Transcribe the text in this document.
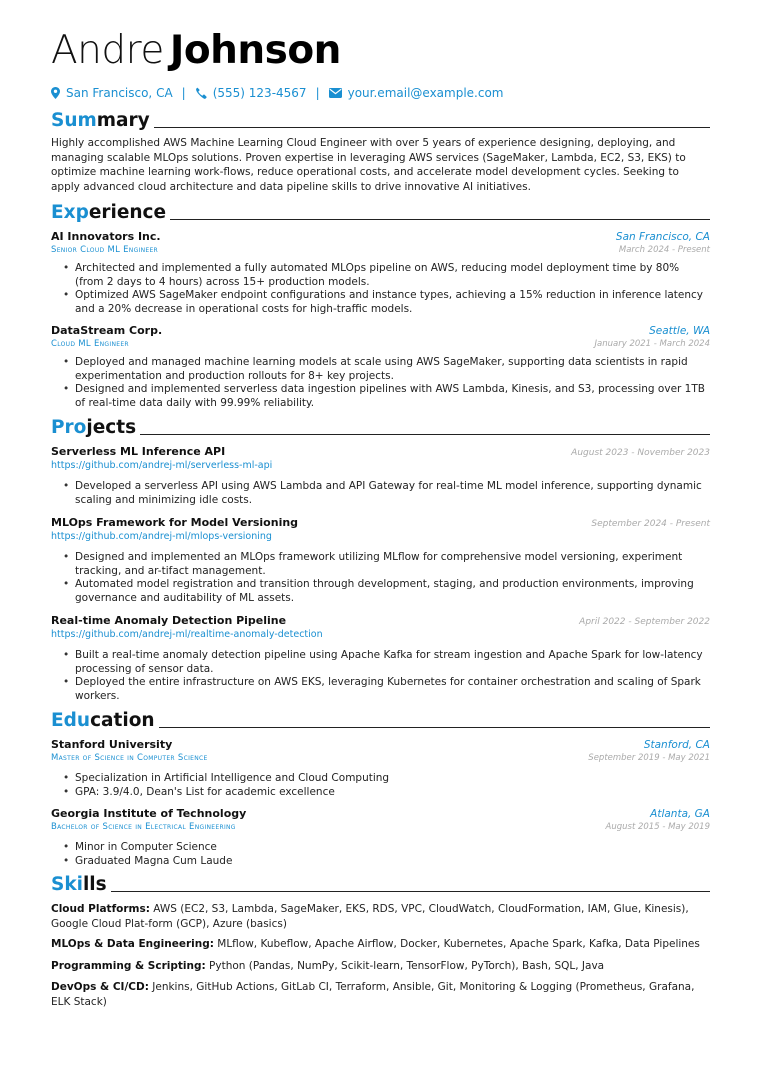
Andre Johnson
San Francisco, CA | (555) 123-4567 | your.email@example.com
Sum mary

Highly accomplished AWS Machine Learning Cloud Engineer with over 5 years of experience designing, deploying, and managing scalable MLOps solutions. Proven expertise in leveraging AWS services (SageMaker, Lambda, EC2, S3, EKS) to optimize machine learning work-flows, reduce operational costs, and accelerate model development cycles. Seeking to apply advanced cloud architecture and data pipeline skills to drive innovative AI initiatives.

Exp erience
AI Innovators Inc.	San Francisco, CA
Senior Cloud ML Engineer	March 2024 - Present
• Architected and implemented a fully automated MLOps pipeline on AWS, reducing model deployment time by 80% (from 2 days to 4 hours) across 15+ production models.
• Optimized AWS SageMaker endpoint configurations and instance types, achieving a 15% reduction in inference latency and a 20% decrease in operational costs for high-traffic models.
DataStream Corp.	Seattle, WA
Cloud ML Engineer	January 2021 - March 2024
• Deployed and managed machine learning models at scale using AWS SageMaker, supporting data scientists in rapid experimentation and production rollouts for 8+ key projects.
• Designed and implemented serverless data ingestion pipelines with AWS Lambda, Kinesis, and S3, processing over 1TB of real-time data daily with 99.99% reliability.
Pro jects
Serverless ML Inference API	August 2023 - November 2023
https://github.com/andrej-ml/serverless-ml-api
• Developed a serverless API using AWS Lambda and API Gateway for real-time ML model inference, supporting dynamic scaling and minimizing idle costs.
MLOps Framework for Model Versioning	September 2024 - Present
https://github.com/andrej-ml/mlops-versioning
• Designed and implemented an MLOps framework utilizing MLflow for comprehensive model versioning, experiment tracking, and ar-tifact management.
• Automated model registration and transition through development, staging, and production environments, improving governance and auditability of ML assets.
Real-time Anomaly Detection Pipeline	April 2022 - September 2022
https://github.com/andrej-ml/realtime-anomaly-detection
• Built a real-time anomaly detection pipeline using Apache Kafka for stream ingestion and Apache Spark for low-latency processing of sensor data.
• Deployed the entire infrastructure on AWS EKS, leveraging Kubernetes for container orchestration and scaling of Spark workers.
Edu cation
Stanford University	Stanford, CA
Master of Science in Computer Science	September 2019 - May 2021
• Specialization in Artificial Intelligence and Cloud Computing
• GPA: 3.9/4.0, Dean's List for academic excellence
Georgia Institute of Technology	Atlanta, GA
Bachelor of Science in Electrical Engineering	August 2015 - May 2019
• Minor in Computer Science
• Graduated Magna Cum Laude
Ski lls

Cloud Platforms: AWS (EC2, S3, Lambda, SageMaker, EKS, RDS, VPC, CloudWatch, CloudFormation, IAM, Glue, Kinesis), Google Cloud Plat-form (GCP), Azure (basics)

MLOps & Data Engineering: MLflow, Kubeflow, Apache Airflow, Docker, Kubernetes, Apache Spark, Kafka, Data Pipelines

Programming & Scripting: Python (Pandas, NumPy, Scikit-learn, TensorFlow, PyTorch), Bash, SQL, Java

DevOps & CI/CD: Jenkins, GitHub Actions, GitLab CI, Terraform, Ansible, Git, Monitoring & Logging (Prometheus, Grafana, ELK Stack)
